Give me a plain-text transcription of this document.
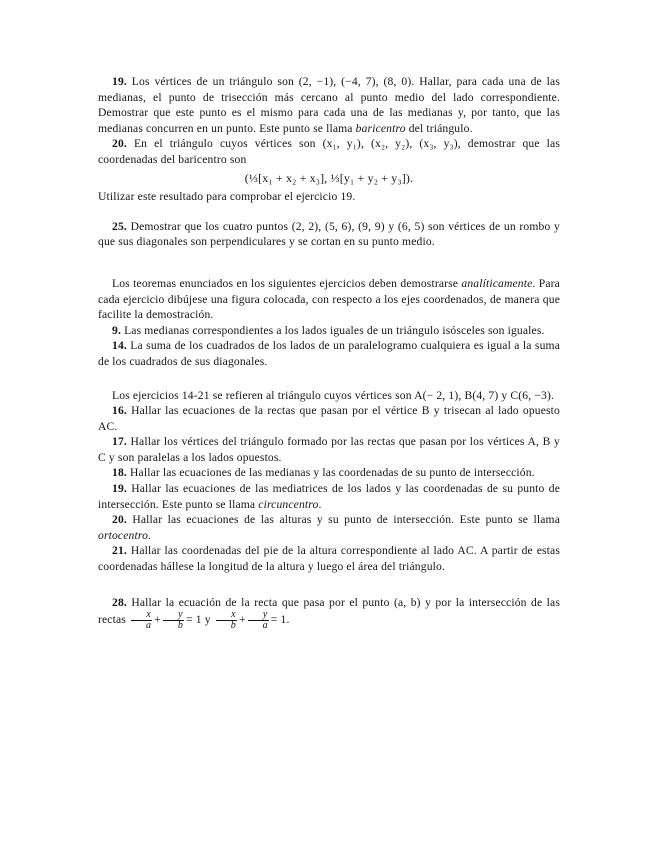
19. Los vértices de un triángulo son (2, −1), (−4, 7), (8, 0). Hallar, para cada una de las medianas, el punto de trisección más cercano al punto medio del lado correspondiente. Demostrar que este punto es el mismo para cada una de las medianas y, por tanto, que las medianas concurren en un punto. Este punto se llama baricentro del triángulo.

20. En el triángulo cuyos vértices son (x₁, y₁), (x₂, y₂), (x₃, y₃), demostrar que las coordenadas del baricentro son

(⅓[x₁ + x₂ + x₃], ⅓[y₁ + y₂ + y₃]).

Utilizar este resultado para comprobar el ejercicio 19.

25. Demostrar que los cuatro puntos (2, 2), (5, 6), (9, 9) y (6, 5) son vértices de un rombo y que sus diagonales son perpendiculares y se cortan en su punto medio.

Los teoremas enunciados en los siguientes ejercicios deben demostrarse analíticamente. Para cada ejercicio dibújese una figura colocada, con respecto a los ejes coordenados, de manera que facilite la demostración.

9. Las medianas correspondientes a los lados iguales de un triángulo isósceles son iguales.

14. La suma de los cuadrados de los lados de un paralelogramo cualquiera es igual a la suma de los cuadrados de sus diagonales.

Los ejercicios 14-21 se refieren al triángulo cuyos vértices son A(− 2, 1), B(4, 7) y C(6, −3).

16. Hallar las ecuaciones de la rectas que pasan por el vértice B y trisecan al lado opuesto AC.

17. Hallar los vértices del triángulo formado por las rectas que pasan por los vértices A, B y C y son paralelas a los lados opuestos.

18. Hallar las ecuaciones de las medianas y las coordenadas de su punto de intersección.

19. Hallar las ecuaciones de las mediatrices de los lados y las coordenadas de su punto de intersección. Este punto se llama circuncentro.

20. Hallar las ecuaciones de las alturas y su punto de intersección. Este punto se llama ortocentro.

21. Hallar las coordenadas del pie de la altura correspondiente al lado AC. A partir de estas coordenadas hállese la longitud de la altura y luego el área del triángulo.

28. Hallar la ecuación de la recta que pasa por el punto (a, b) y por la intersección de las rectas $\frac{x}{a} + \frac{y}{b} = 1$ y $\frac{x}{b} + \frac{y}{a} = 1$.
